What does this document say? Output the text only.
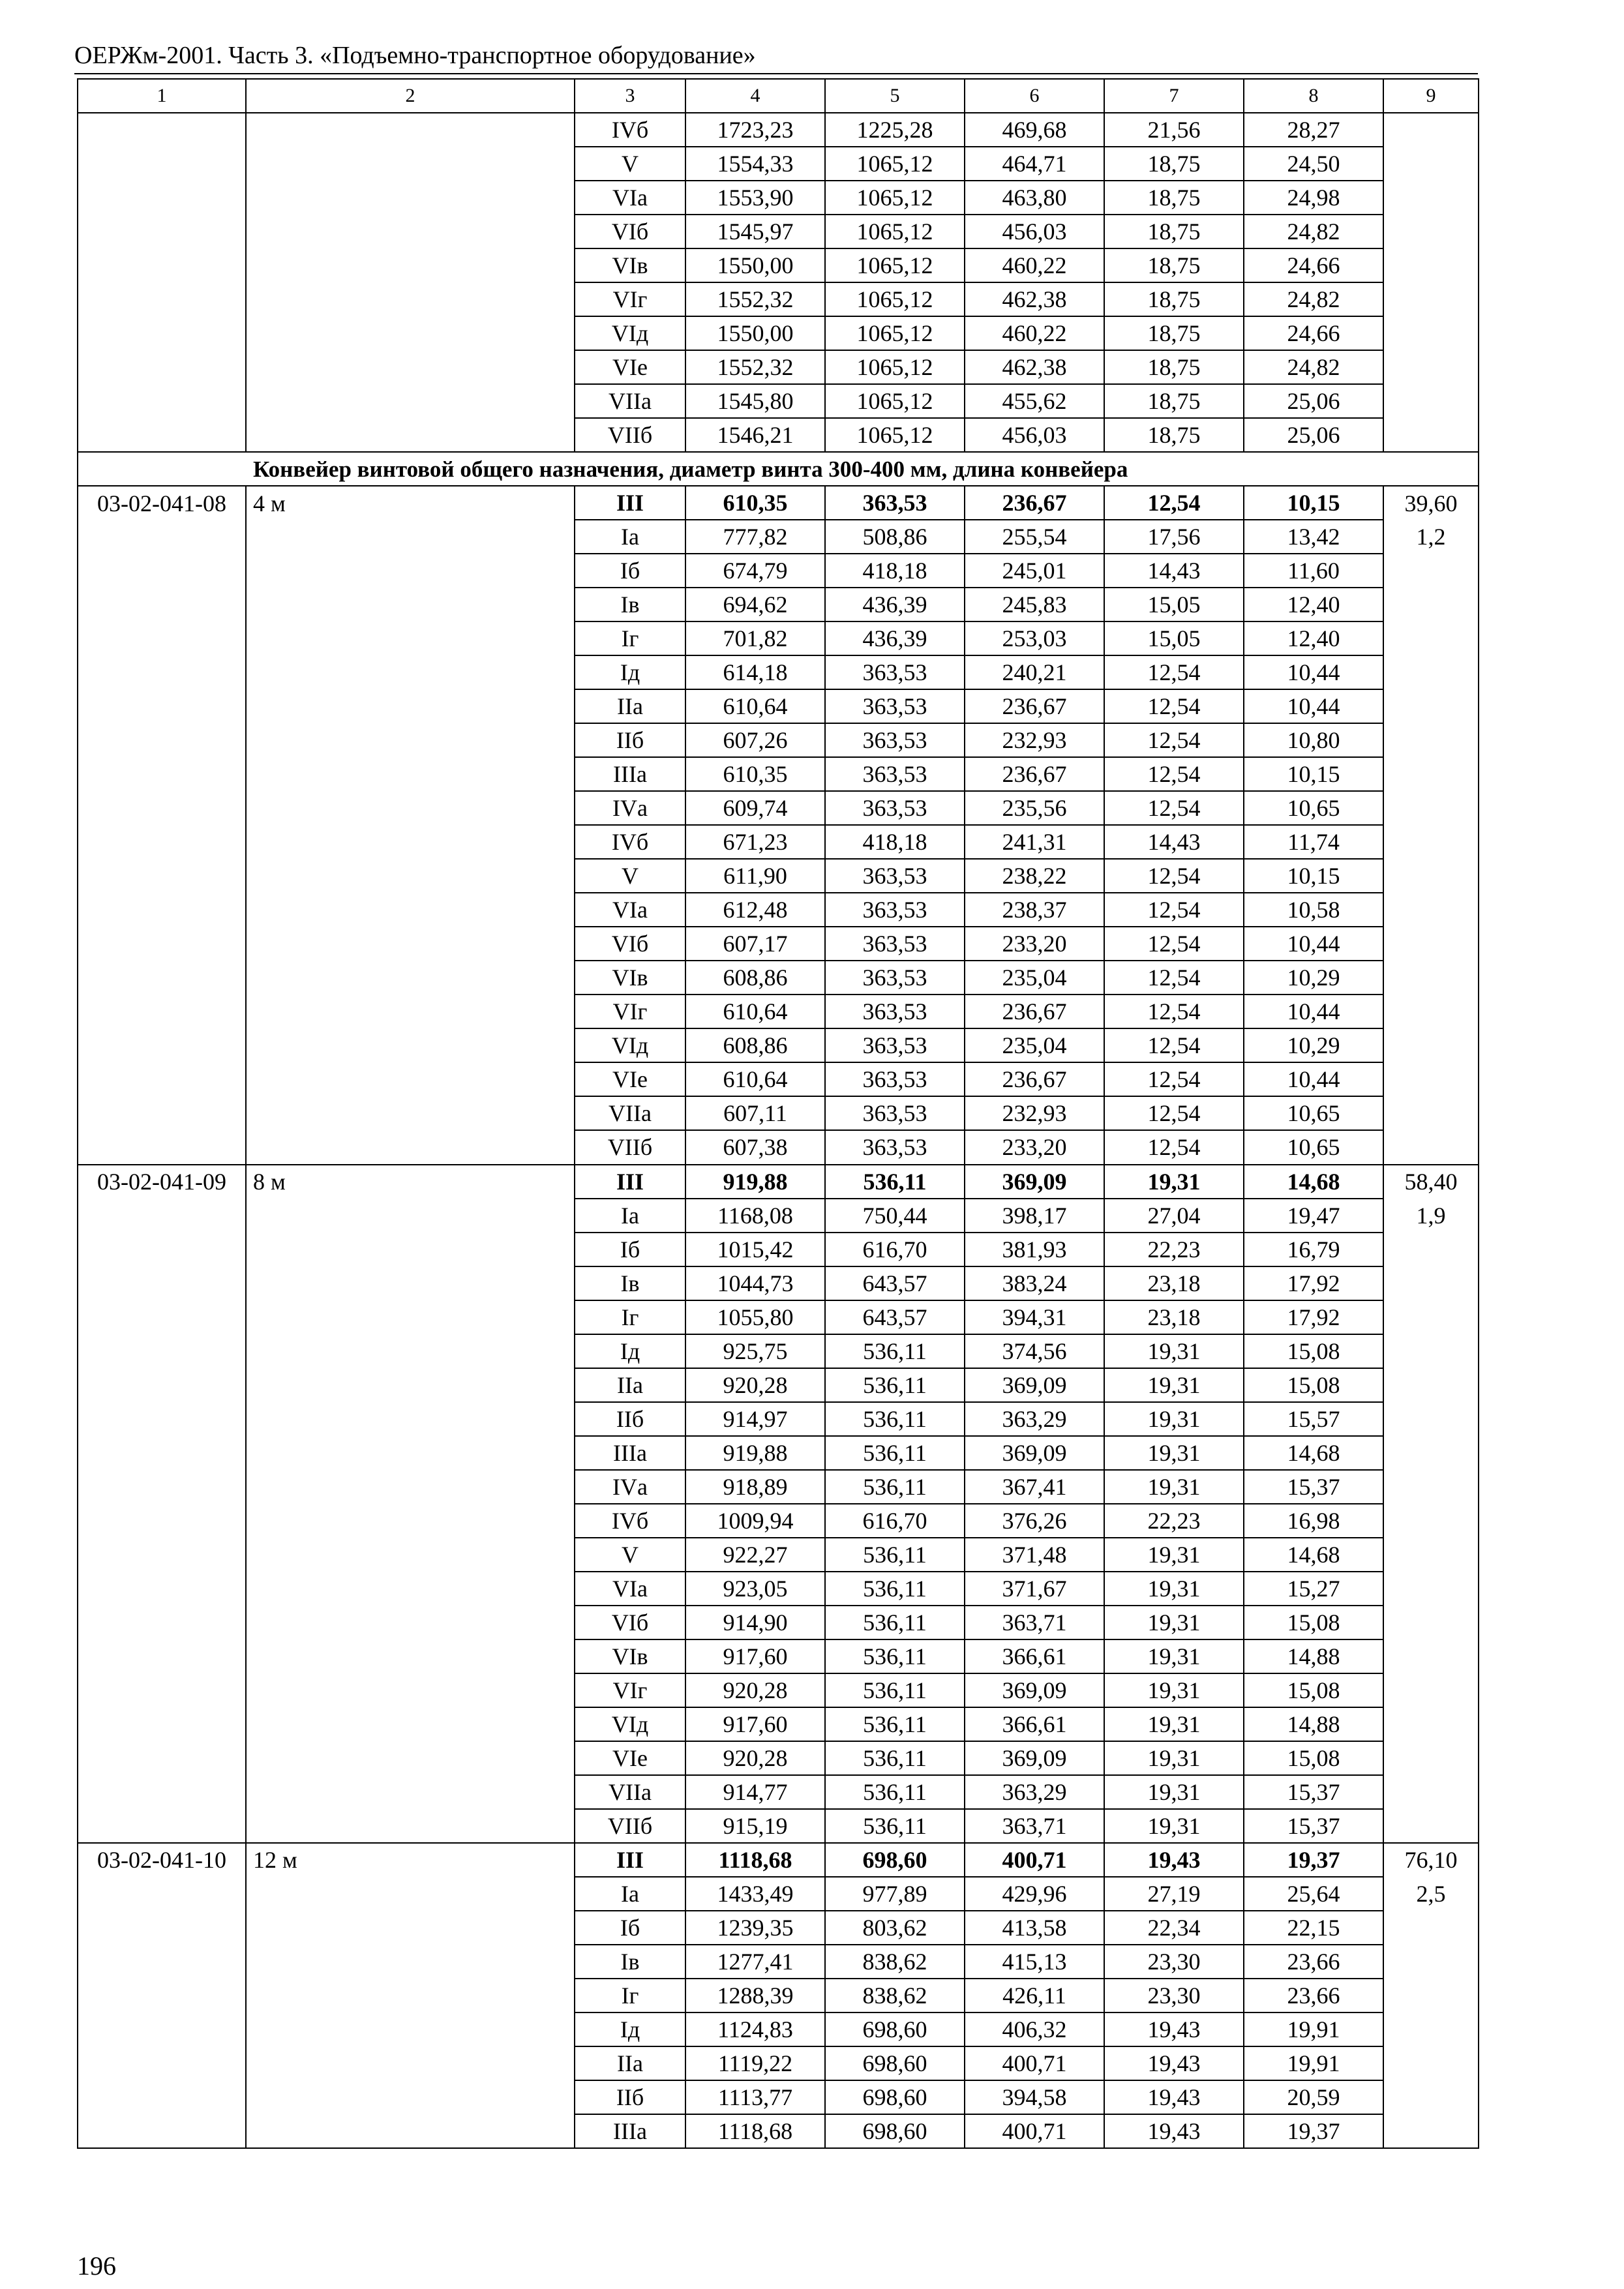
ОЕРЖм-2001. Часть 3. «Подъемно-транспортное оборудование»
1	2	3	4	5	6	7	8	9
		IVб	1723,23	1225,28	469,68	21,56	28,27	
		V	1554,33	1065,12	464,71	18,75	24,50	
		VIа	1553,90	1065,12	463,80	18,75	24,98	
		VIб	1545,97	1065,12	456,03	18,75	24,82	
		VIв	1550,00	1065,12	460,22	18,75	24,66	
		VIг	1552,32	1065,12	462,38	18,75	24,82	
		VIд	1550,00	1065,12	460,22	18,75	24,66	
		VIе	1552,32	1065,12	462,38	18,75	24,82	
		VIIа	1545,80	1065,12	455,62	18,75	25,06	
		VIIб	1546,21	1065,12	456,03	18,75	25,06	
Конвейер винтовой общего назначения, диаметр винта 300-400 мм, длина конвейера								
03-02-041-08	4 м	III	610,35	363,53	236,67	12,54	10,15	39,60
		Iа	777,82	508,86	255,54	17,56	13,42	1,2
		Iб	674,79	418,18	245,01	14,43	11,60	
		Iв	694,62	436,39	245,83	15,05	12,40	
		Iг	701,82	436,39	253,03	15,05	12,40	
		Iд	614,18	363,53	240,21	12,54	10,44	
		IIа	610,64	363,53	236,67	12,54	10,44	
		IIб	607,26	363,53	232,93	12,54	10,80	
		IIIа	610,35	363,53	236,67	12,54	10,15	
		IVа	609,74	363,53	235,56	12,54	10,65	
		IVб	671,23	418,18	241,31	14,43	11,74	
		V	611,90	363,53	238,22	12,54	10,15	
		VIа	612,48	363,53	238,37	12,54	10,58	
		VIб	607,17	363,53	233,20	12,54	10,44	
		VIв	608,86	363,53	235,04	12,54	10,29	
		VIг	610,64	363,53	236,67	12,54	10,44	
		VIд	608,86	363,53	235,04	12,54	10,29	
		VIе	610,64	363,53	236,67	12,54	10,44	
		VIIа	607,11	363,53	232,93	12,54	10,65	
		VIIб	607,38	363,53	233,20	12,54	10,65	
03-02-041-09	8 м	III	919,88	536,11	369,09	19,31	14,68	58,40
		Iа	1168,08	750,44	398,17	27,04	19,47	1,9
		Iб	1015,42	616,70	381,93	22,23	16,79	
		Iв	1044,73	643,57	383,24	23,18	17,92	
		Iг	1055,80	643,57	394,31	23,18	17,92	
		Iд	925,75	536,11	374,56	19,31	15,08	
		IIа	920,28	536,11	369,09	19,31	15,08	
		IIб	914,97	536,11	363,29	19,31	15,57	
		IIIа	919,88	536,11	369,09	19,31	14,68	
		IVа	918,89	536,11	367,41	19,31	15,37	
		IVб	1009,94	616,70	376,26	22,23	16,98	
		V	922,27	536,11	371,48	19,31	14,68	
		VIа	923,05	536,11	371,67	19,31	15,27	
		VIб	914,90	536,11	363,71	19,31	15,08	
		VIв	917,60	536,11	366,61	19,31	14,88	
		VIг	920,28	536,11	369,09	19,31	15,08	
		VIд	917,60	536,11	366,61	19,31	14,88	
		VIе	920,28	536,11	369,09	19,31	15,08	
		VIIа	914,77	536,11	363,29	19,31	15,37	
		VIIб	915,19	536,11	363,71	19,31	15,37	
03-02-041-10	12 м	III	1118,68	698,60	400,71	19,43	19,37	76,10
		Iа	1433,49	977,89	429,96	27,19	25,64	2,5
		Iб	1239,35	803,62	413,58	22,34	22,15	
		Iв	1277,41	838,62	415,13	23,30	23,66	
		Iг	1288,39	838,62	426,11	23,30	23,66	
		Iд	1124,83	698,60	406,32	19,43	19,91	
		IIа	1119,22	698,60	400,71	19,43	19,91	
		IIб	1113,77	698,60	394,58	19,43	20,59	
		IIIа	1118,68	698,60	400,71	19,43	19,37	
196
